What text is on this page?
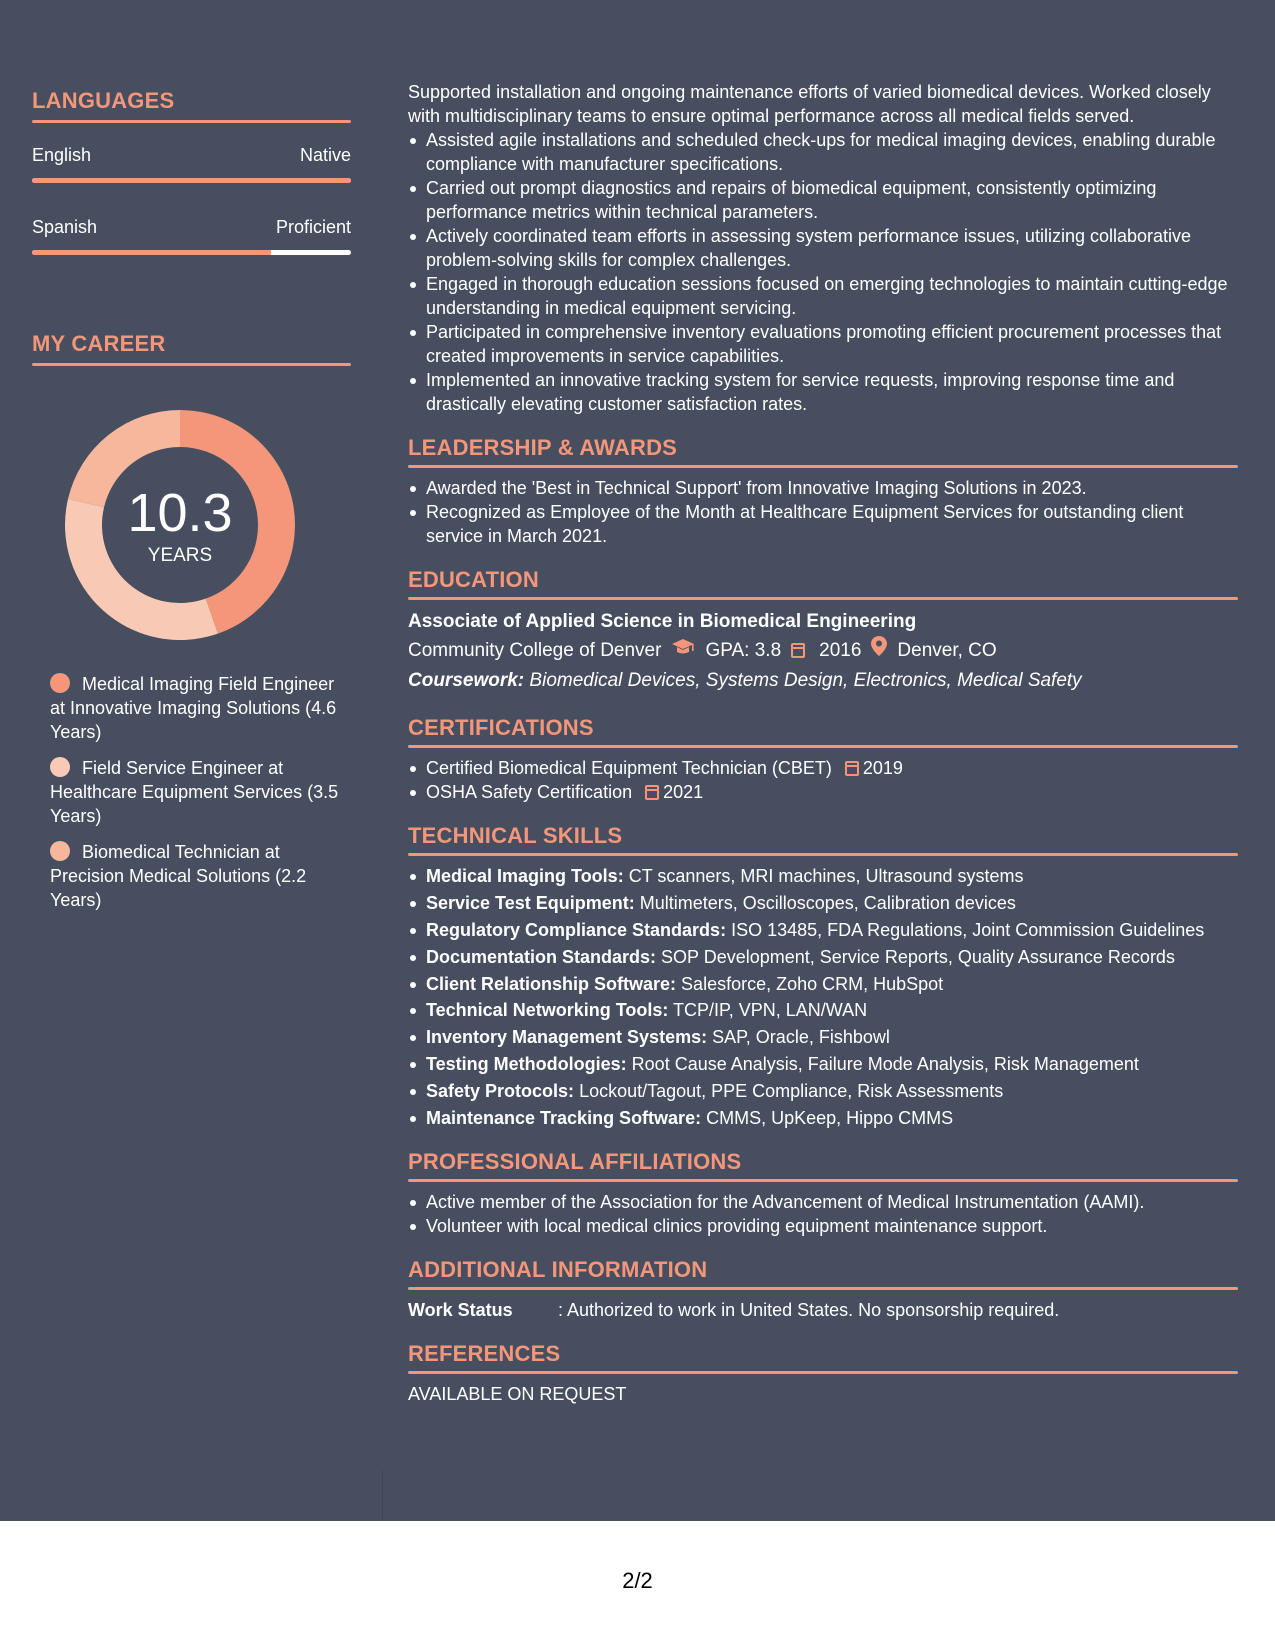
LANGUAGES
English	Native
Spanish	Proficient
MY CAREER
10.3
YEARS
Medical Imaging Field Engineer at Innovative Imaging Solutions (4.6 Years)
Field Service Engineer at Healthcare Equipment Services (3.5 Years)
Biomedical Technician at Precision Medical Solutions (2.2 Years)
Supported installation and ongoing maintenance efforts of varied biomedical devices. Worked closely with multidisciplinary teams to ensure optimal performance across all medical fields served.
Assisted agile installations and scheduled check-ups for medical imaging devices, enabling durable compliance with manufacturer specifications.
Carried out prompt diagnostics and repairs of biomedical equipment, consistently optimizing performance metrics within technical parameters.
Actively coordinated team efforts in assessing system performance issues, utilizing collaborative problem-solving skills for complex challenges.
Engaged in thorough education sessions focused on emerging technologies to maintain cutting-edge understanding in medical equipment servicing.
Participated in comprehensive inventory evaluations promoting efficient procurement processes that created improvements in service capabilities.
Implemented an innovative tracking system for service requests, improving response time and drastically elevating customer satisfaction rates.
LEADERSHIP & AWARDS
Awarded the 'Best in Technical Support' from Innovative Imaging Solutions in 2023.
Recognized as Employee of the Month at Healthcare Equipment Services for outstanding client service in March 2021.
EDUCATION
Associate of Applied Science in Biomedical Engineering
Community College of Denver GPA: 3.8 2016 Denver, CO
Coursework: Biomedical Devices, Systems Design, Electronics, Medical Safety
CERTIFICATIONS
Certified Biomedical Equipment Technician (CBET) 2019
OSHA Safety Certification 2021
TECHNICAL SKILLS
Medical Imaging Tools: CT scanners, MRI machines, Ultrasound systems
Service Test Equipment: Multimeters, Oscilloscopes, Calibration devices
Regulatory Compliance Standards: ISO 13485, FDA Regulations, Joint Commission Guidelines
Documentation Standards: SOP Development, Service Reports, Quality Assurance Records
Client Relationship Software: Salesforce, Zoho CRM, HubSpot
Technical Networking Tools: TCP/IP, VPN, LAN/WAN
Inventory Management Systems: SAP, Oracle, Fishbowl
Testing Methodologies: Root Cause Analysis, Failure Mode Analysis, Risk Management
Safety Protocols: Lockout/Tagout, PPE Compliance, Risk Assessments
Maintenance Tracking Software: CMMS, UpKeep, Hippo CMMS
PROFESSIONAL AFFILIATIONS
Active member of the Association for the Advancement of Medical Instrumentation (AAMI).
Volunteer with local medical clinics providing equipment maintenance support.
ADDITIONAL INFORMATION
Work Status	: Authorized to work in United States. No sponsorship required.
REFERENCES
AVAILABLE ON REQUEST
2/2
